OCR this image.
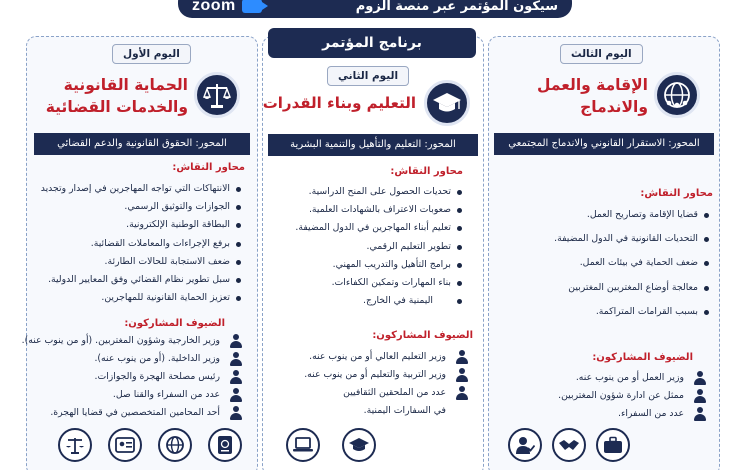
zoom	سيكون المؤتمر عبر منصة الزوم
اليوم الثالث
الإقامة والعمل
والاندماج
المحور: الاستقرار القانوني والاندماج المجتمعي
محاور النقاش:
قضايا الإقامة وتصاريح العمل.
التحديات القانونية في الدول المضيفة.
ضعف الحماية في بيئات العمل.
معالجة أوضاع المغتربين المغتربين
بسبب القرامات المتراكمة.
الضيوف المشاركون:
وزير العمل أو من ينوب عنه.
ممثل عن ادارة شؤون المغتربين.
عدد من السفراء.
برنامج المؤتمر
اليوم الثاني
التعليم وبناء القدرات
المحور: التعليم والتأهيل والتنمية البشرية
محاور النقاش:
تحديات الحصول على المنح الدراسية.
صعوبات الاعتراف بالشهادات العلمية.
تعليم أبناء المهاجرين في الدول المضيفة.
تطوير التعليم الرقمي.
برامج التأهيل والتدريب المهني.
بناء المهارات وتمكين الكفاءات.
اليمنية في الخارج.
الضيوف المشاركون:
وزير التعليم العالي أو من ينوب عنه.
وزير التربية والتعليم أو من ينوب عنه.
عدد من الملحقين الثقافيين
في السفارات اليمنية.
اليوم الأول
الحماية القانونية
والخدمات القضائية
المحور: الحقوق القانونية والدعم القضائي
محاور النقاش:
الانتهاكات التي تواجه المهاجرين في إصدار وتجديد
الجوازات والتوثيق الرسمي.
البطاقة الوطنية الإلكترونية.
برفع الإجراءات والمعاملات القضائية.
ضعف الاستجابة للحالات الطارئة.
سبل تطوير نظام القضائي وفق المعايير الدولية.
تعزيز الحماية القانونية للمهاجرين.
الضيوف المشاركون:
وزير الخارجية وشؤون المغتربين. (أو من ينوب عنه).
وزير الداخلية. (أو من ينوب عنه).
رئيس مصلحة الهجرة والجوازات.
عدد من السفراء والقنا صل.
أحد المحامين المتخصصين في قضايا الهجرة.
